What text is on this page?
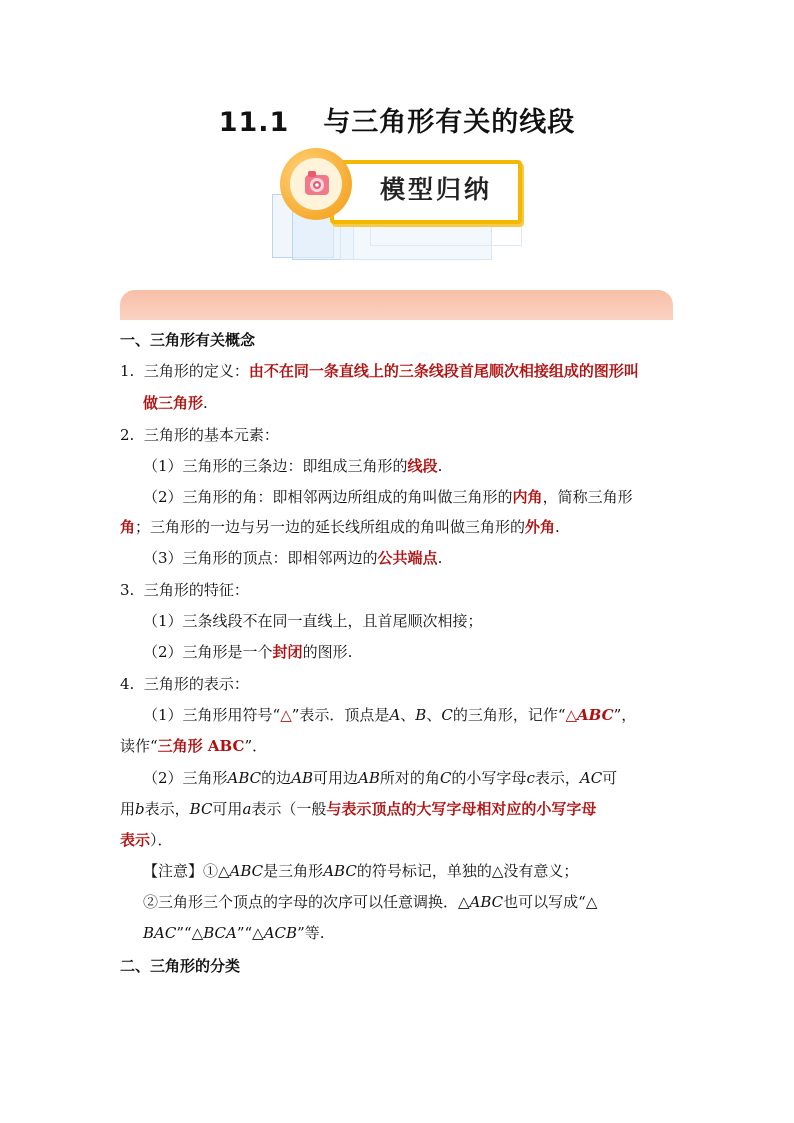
11.1 与三角形有关的线段
模型归纳
一、三角形有关概念
1. 三角形的定义：由不在同一条直线上的三条线段首尾顺次相接组成的图形叫
做三角形.
2. 三角形的基本元素：
（1）三角形的三条边：即组成三角形的线段.
（2）三角形的角：即相邻两边所组成的角叫做三角形的内角，简称三角形
角；三角形的一边与另一边的延长线所组成的角叫做三角形的外角.
（3）三角形的顶点：即相邻两边的公共端点.
3. 三角形的特征：
（1）三条线段不在同一直线上，且首尾顺次相接；
（2）三角形是一个封闭的图形.
4. 三角形的表示：
（1）三角形用符号“△”表示．顶点是A、B、C的三角形，记作“△ABC”，
读作“三角形 ABC”．
（2）三角形ABC的边AB可用边AB所对的角C的小写字母c表示，AC可
用b表示，BC可用a表示（一般与表示顶点的大写字母相对应的小写字母
表示）．
【注意】①△ABC是三角形ABC的符号标记，单独的△没有意义；
②三角形三个顶点的字母的次序可以任意调换．△ABC也可以写成“△
BAC”“△BCA”“△ACB”等.
二、三角形的分类
